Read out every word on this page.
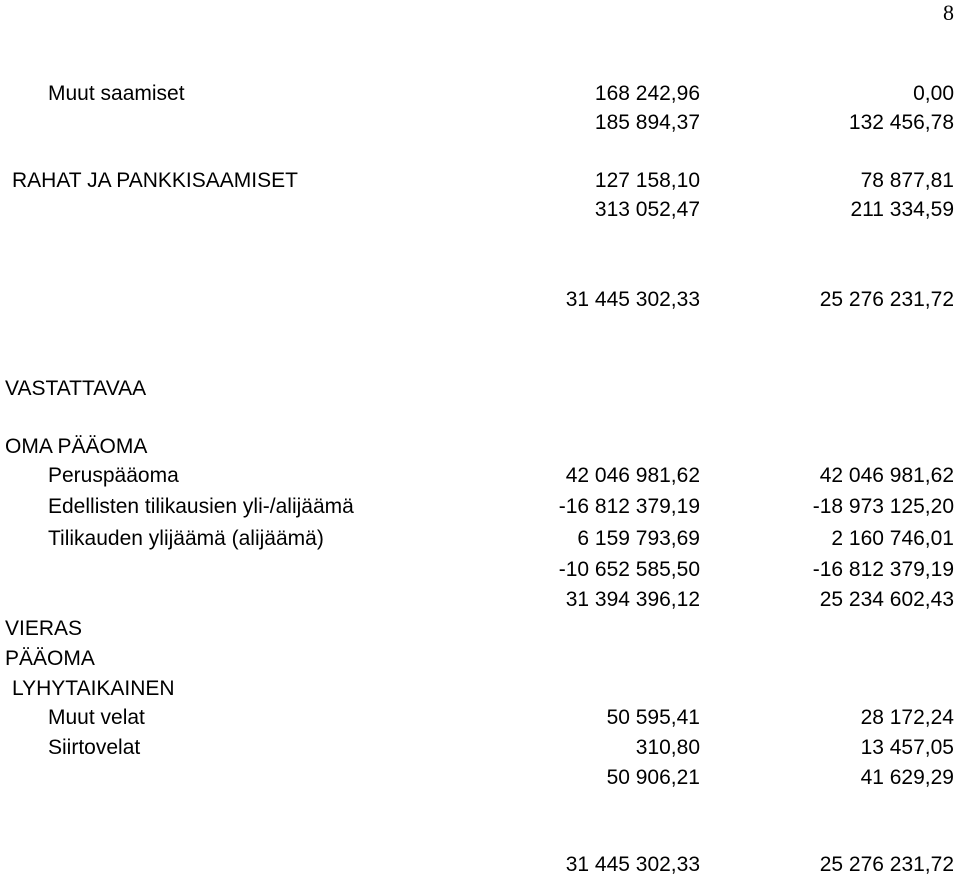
8
Muut saamiset	168 242,96	0,00
185 894,37	132 456,78
RAHAT JA PANKKISAAMISET	127 158,10	78 877,81
313 052,47	211 334,59
31 445 302,33	25 276 231,72
VASTATTAVAA
OMA PÄÄOMA
Peruspääoma	42 046 981,62	42 046 981,62
Edellisten tilikausien yli-/alijäämä	-16 812 379,19	-18 973 125,20
Tilikauden ylijäämä (alijäämä)	6 159 793,69	2 160 746,01
-10 652 585,50	-16 812 379,19
31 394 396,12	25 234 602,43
VIERAS
PÄÄOMA
LYHYTAIKAINEN
Muut velat	50 595,41	28 172,24
Siirtovelat	310,80	13 457,05
50 906,21	41 629,29
31 445 302,33	25 276 231,72
